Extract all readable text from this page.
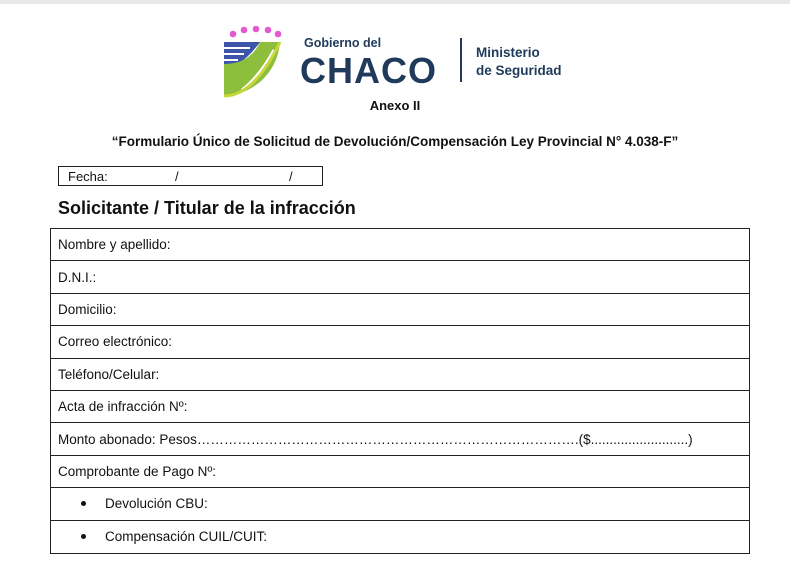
Gobierno del
CHACO	Ministerio
de Seguridad
Anexo II
“Formulario Único de Solicitud de Devolución/Compensación Ley Provincial N° 4.038-F”
Fecha:	/	/
Solicitante / Titular de la infracción
Nombre y apellido:
D.N.I.:
Domicilio:
Correo electrónico:
Teléfono/Celular:
Acta de infracción Nº:
Monto abonado: Pesos………………………………………………………………………….($..........................)
Comprobante de Pago Nº:
Devolución CBU:
Compensación CUIL/CUIT:
